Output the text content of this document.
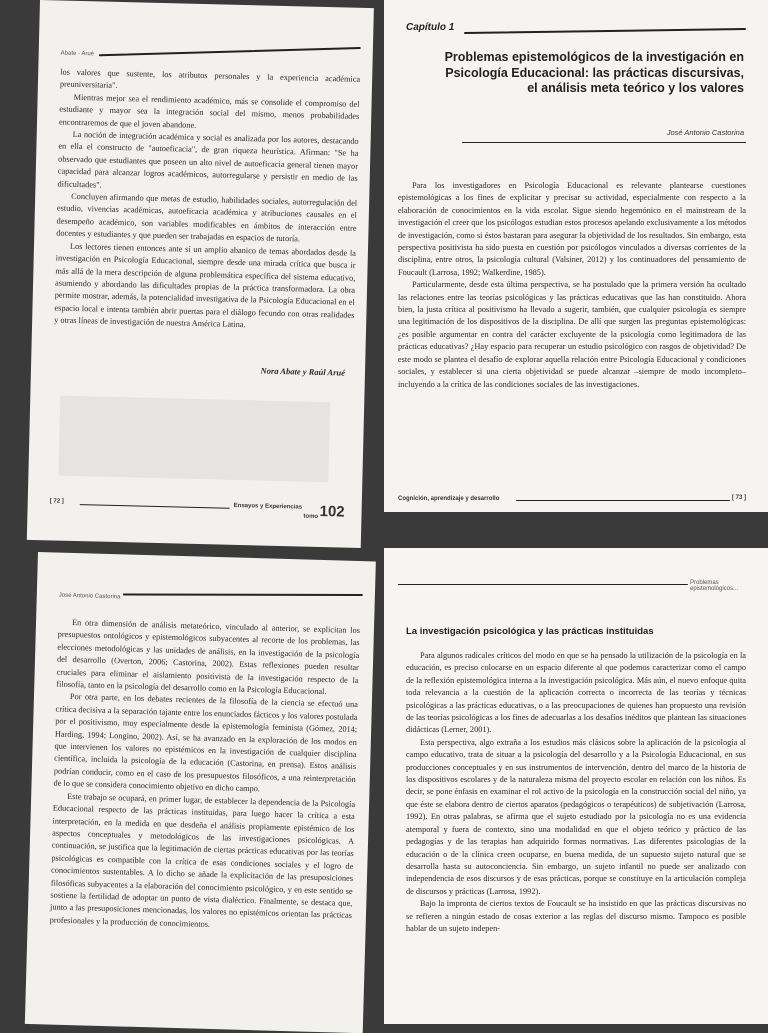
Abate - Arué

los valores que sustente, los atributos personales y la experiencia académica preuniversitaria".

Mientras mejor sea el rendimiento académico, más se consolide el compromiso del estudiante y mayor sea la integración social del mismo, menos probabilidades encontraremos de que el joven abandone.

La noción de integración académica y social es analizada por los autores, destacando en ella el constructo de "autoeficacia", de gran riqueza heurística. Afirman: "Se ha observado que estudiantes que poseen un alto nivel de autoeficacia general tienen mayor capacidad para alcanzar logros académicos, autorregularse y persistir en medio de las dificultades".

Concluyen afirmando que metas de estudio, habilidades sociales, autorregulación del estudio, vivencias académicas, autoeficacia académica y atribuciones causales en el desempeño académico, son variables modificables en ámbitos de interacción entre docentes y estudiantes y que pueden ser trabajadas en espacios de tutoría.

Los lectores tienen entonces ante sí un amplio abanico de temas abordados desde la investigación en Psicología Educacional, siempre desde una mirada crítica que busca ir más allá de la mera descripción de alguna problemática específica del sistema educativo, asumiendo y abordando las dificultades propias de la práctica transformadora. La obra permite mostrar, además, la potencialidad investigativa de la Psicología Educacional en el espacio local e intenta también abrir puertas para el diálogo fecundo con otras realidades y otras líneas de investigación de nuestra América Latina.

Nora Abate y Raúl Arué
[ 72 ]
Ensayos y Experiencias
tomo 102
Capítulo 1
Problemas epistemológicos de la investigación en Psicología Educacional: las prácticas discursivas, el análisis meta teórico y los valores
José Antonio Castorina

Para los investigadores en Psicología Educacional es relevante plantearse cuestiones epistemológicas a los fines de explicitar y precisar su actividad, especialmente con respecto a la elaboración de conocimientos en la vida escolar. Sigue siendo hegemónico en el mainstream de la investigación el creer que los psicólogos estudian estos procesos apelando exclusivamente a los métodos de investigación, como si éstos bastaran para asegurar la objetividad de los resultados. Sin embargo, esta perspectiva positivista ha sido puesta en cuestión por psicólogos vinculados a diversas corrientes de la disciplina, entre otros, la psicología cultural (Valsiner, 2012) y los continuadores del pensamiento de Foucault (Larrosa, 1992; Walkerdine, 1985).

Particularmente, desde esta última perspectiva, se ha postulado que la primera versión ha ocultado las relaciones entre las teorías psicológicas y las prácticas educativas que las han constituido. Ahora bien, la justa crítica al positivismo ha llevado a sugerir, también, que cualquier psicología es siempre una legitimación de los dispositivos de la disciplina. De allí que surgen las preguntas epistemológicas: ¿es posible argumentar en contra del carácter excluyente de la psicología como legitimadora de las prácticas educativas? ¿Hay espacio para recuperar un estudio psicológico con rasgos de objetividad? De este modo se plantea el desafío de explorar aquella relación entre Psicología Educacional y condiciones sociales, y establecer si una cierta objetividad se puede alcanzar –siempre de modo incompleto– incluyendo a la crítica de las condiciones sociales de las investigaciones.

Cognición, aprendizaje y desarrollo	[ 73 ]
José Antonio Castorina

En otra dimensión de análisis metateórico, vinculado al anterior, se explicitan los presupuestos ontológicos y epistemológicos subyacentes al recorte de los problemas, las elecciones metodológicas y las unidades de análisis, en la investigación de la psicología del desarrollo (Overton, 2006; Castorina, 2002). Estas reflexiones pueden resultar cruciales para eliminar el aislamiento positivista de la investigación respecto de la filosofía, tanto en la psicología del desarrollo como en la Psicología Educacional.

Por otra parte, en los debates recientes de la filosofía de la ciencia se efectuó una crítica decisiva a la separación tajante entre los enunciados fácticos y los valores postulada por el positivismo, muy especialmente desde la epistemología feminista (Gómez, 2014; Harding, 1994; Longino, 2002). Así, se ha avanzado en la exploración de los modos en que intervienen los valores no epistémicos en la investigación de cualquier disciplina científica, incluida la psicología de la educación (Castorina, en prensa). Estos análisis podrían conducir, como en el caso de los presupuestos filosóficos, a una reinterpretación de lo que se considera conocimiento objetivo en dicho campo.

Este trabajo se ocupará, en primer lugar, de establecer la dependencia de la Psicología Educacional respecto de las prácticas instituidas, para luego hacer la crítica a esta interpretación, en la medida en que desdeña el análisis propiamente epistémico de los aspectos conceptuales y metodológicos de las investigaciones psicológicas. A continuación, se justifica que la legitimación de ciertas prácticas educativas por las teorías psicológicas es compatible con la crítica de esas condiciones sociales y el logro de conocimientos sustentables. A lo dicho se añade la explicitación de las presuposiciones filosóficas subyacentes a la elaboración del conocimiento psicológico, y en este sentido se sostiene la fertilidad de adoptar un punto de vista dialéctico. Finalmente, se destaca que, junto a las presuposiciones mencionadas, los valores no epistémicos orientan las prácticas profesionales y la producción de conocimientos.

Problemas epistemológicos...
La investigación psicológica y las prácticas instituidas

Para algunos radicales críticos del modo en que se ha pensado la utilización de la psicología en la educación, es preciso colocarse en un espacio diferente al que podemos caracterizar como el campo de la reflexión epistemológica interna a la investigación psicológica. Más aún, el nuevo enfoque quita toda relevancia a la cuestión de la aplicación correcta o incorrecta de las teorías y técnicas psicológicas a las prácticas educativas, o a las preocupaciones de quienes han propuesto una revisión de las teorías psicológicas a los fines de adecuarlas a los desafíos inéditos que plantean las situaciones didácticas (Lerner, 2001).

Esta perspectiva, algo extraña a los estudios más clásicos sobre la aplicación de la psicología al campo educativo, trata de situar a la psicología del desarrollo y a la Psicología Educacional, en sus producciones conceptuales y en sus instrumentos de intervención, dentro del marco de la historia de los dispositivos escolares y de la naturaleza misma del proyecto escolar en relación con los niños. Es decir, se pone énfasis en examinar el rol activo de la psicología en la construcción social del niño, ya que éste se elabora dentro de ciertos aparatos (pedagógicos o terapéuticos) de subjetivación (Larrosa, 1992). En otras palabras, se afirma que el sujeto estudiado por la psicología no es una evidencia atemporal y fuera de contexto, sino una modalidad en que el objeto teórico y práctico de las pedagogías y de las terapias han adquirido formas normativas. Las diferentes psicologías de la educación o de la clínica creen ocuparse, en buena medida, de un supuesto sujeto natural que se desarrolla hasta su autoconciencia. Sin embargo, un sujeto infantil no puede ser analizado con independencia de esos discursos y de esas prácticas, porque se constituye en la articulación compleja de discursos y prácticas (Larrosa, 1992).

Bajo la impronta de ciertos textos de Foucault se ha insistido en que las prácticas discursivas no se refieren a ningún estado de cosas exterior a las reglas del discurso mismo. Tampoco es posible hablar de un sujeto indepen-
